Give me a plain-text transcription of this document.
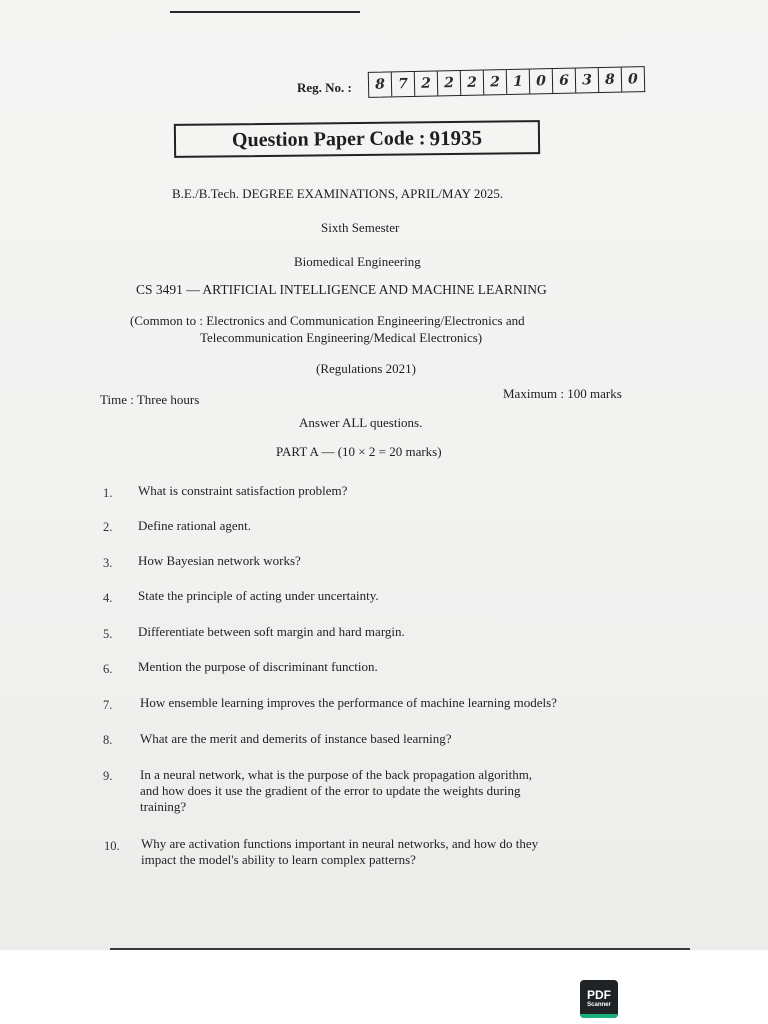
Reg. No. :	8 7 2 2 2 2 1 0 6 3 8 0
Question Paper Code : 91935
B.E./B.Tech. DEGREE EXAMINATIONS, APRIL/MAY 2025.
Sixth Semester
Biomedical Engineering
CS 3491 — ARTIFICIAL INTELLIGENCE AND MACHINE LEARNING
(Common to : Electronics and Communication Engineering/Electronics and
Telecommunication Engineering/Medical Electronics)
(Regulations 2021)
Time : Three hours	Maximum : 100 marks
Answer ALL questions.
PART A — (10 × 2 = 20 marks)
1. What is constraint satisfaction problem?
2. Define rational agent.
3. How Bayesian network works?
4. State the principle of acting under uncertainty.
5. Differentiate between soft margin and hard margin.
6. Mention the purpose of discriminant function.
7. How ensemble learning improves the performance of machine learning models?
8. What are the merit and demerits of instance based learning?
9. In a neural network, what is the purpose of the back propagation algorithm,
and how does it use the gradient of the error to update the weights during
training?
10. Why are activation functions important in neural networks, and how do they
impact the model's ability to learn complex patterns?
PDF
Scanner
